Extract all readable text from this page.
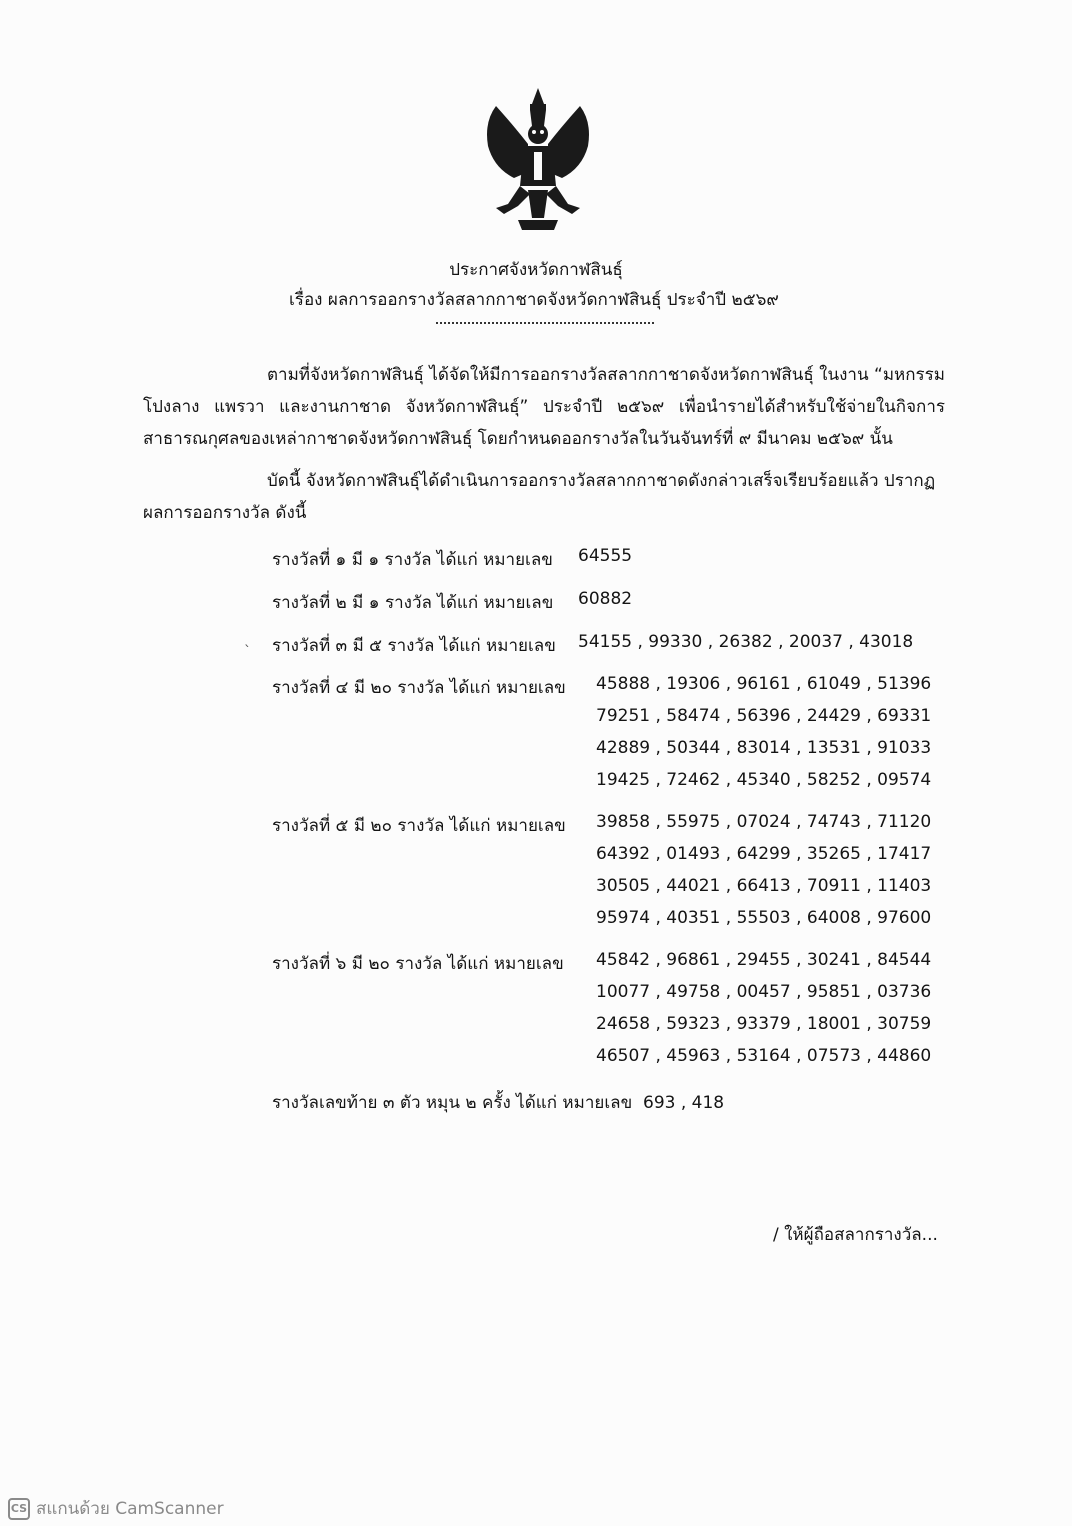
ประกาศจังหวัดกาฬสินธุ์
เรื่อง ผลการออกรางวัลสลากกาชาดจังหวัดกาฬสินธุ์ ประจำปี ๒๕๖๙
ตามที่จังหวัดกาฬสินธุ์ ได้จัดให้มีการออกรางวัลสลากกาชาดจังหวัดกาฬสินธุ์ ในงาน “มหกรรมโปงลาง แพรวา และงานกาชาด จังหวัดกาฬสินธุ์” ประจำปี ๒๕๖๙ เพื่อนำรายได้สำหรับใช้จ่ายในกิจการสาธารณกุศลของเหล่ากาชาดจังหวัดกาฬสินธุ์ โดยกำหนดออกรางวัลในวันจันทร์ที่ ๙ มีนาคม ๒๕๖๙ นั้น
บัดนี้ จังหวัดกาฬสินธุ์ได้ดำเนินการออกรางวัลสลากกาชาดดังกล่าวเสร็จเรียบร้อยแล้ว ปรากฏผลการออกรางวัล ดังนี้
รางวัลที่ ๑ มี ๑ รางวัล ได้แก่ หมายเลข 64555
รางวัลที่ ๒ มี ๑ รางวัล ได้แก่ หมายเลข 60882
ˋ รางวัลที่ ๓ มี ๕ รางวัล ได้แก่ หมายเลข 54155 , 99330 , 26382 , 20037 , 43018
รางวัลที่ ๔ มี ๒๐ รางวัล ได้แก่ หมายเลข 45888 , 19306 , 96161 , 61049 , 51396
79251 , 58474 , 56396 , 24429 , 69331
42889 , 50344 , 83014 , 13531 , 91033
19425 , 72462 , 45340 , 58252 , 09574
รางวัลที่ ๕ มี ๒๐ รางวัล ได้แก่ หมายเลข 39858 , 55975 , 07024 , 74743 , 71120
64392 , 01493 , 64299 , 35265 , 17417
30505 , 44021 , 66413 , 70911 , 11403
95974 , 40351 , 55503 , 64008 , 97600
รางวัลที่ ๖ มี ๒๐ รางวัล ได้แก่ หมายเลข 45842 , 96861 , 29455 , 30241 , 84544
10077 , 49758 , 00457 , 95851 , 03736
24658 , 59323 , 93379 , 18001 , 30759
46507 , 45963 , 53164 , 07573 , 44860
รางวัลเลขท้าย ๓ ตัว หมุน ๒ ครั้ง ได้แก่ หมายเลข 693 , 418
/ ให้ผู้ถือสลากรางวัล...
CS สแกนด้วย CamScanner
